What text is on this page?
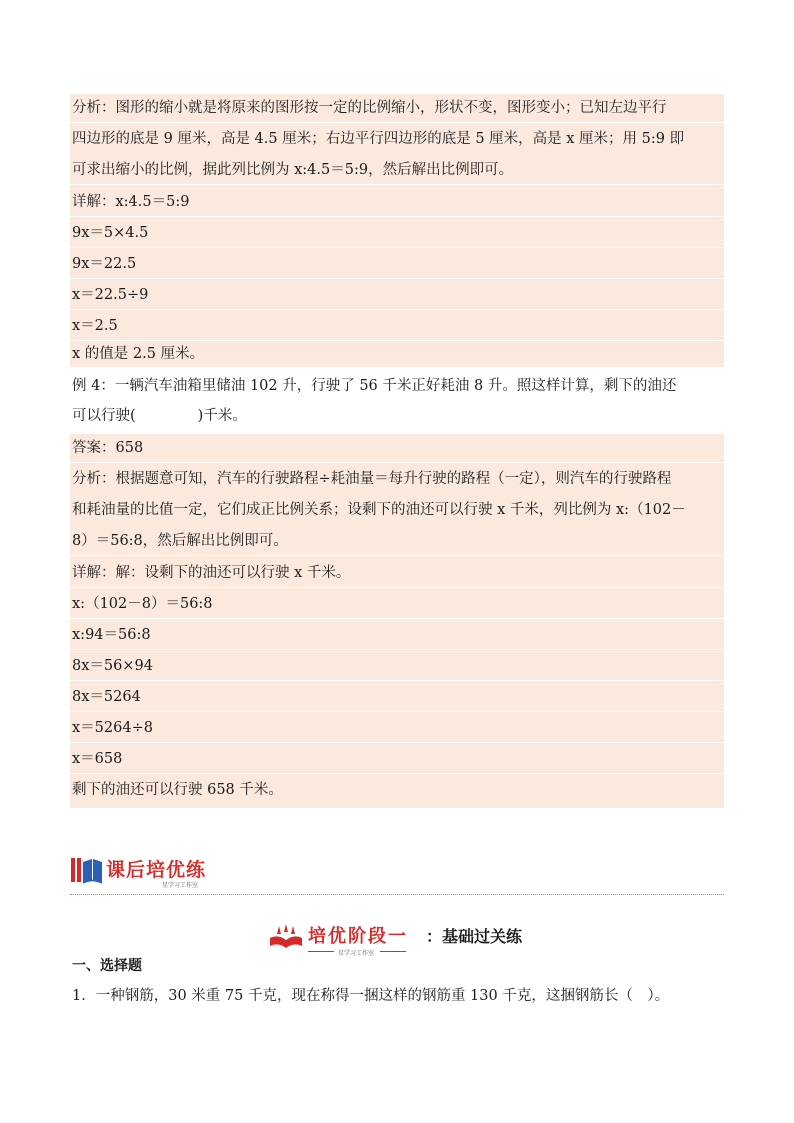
分析：图形的缩小就是将原来的图形按一定的比例缩小，形状不变，图形变小；已知左边平行
四边形的底是 9 厘米，高是 4.5 厘米；右边平行四边形的底是 5 厘米，高是 x 厘米；用 5:9 即
可求出缩小的比例，据此列比例为 x:4.5＝5:9，然后解出比例即可。
详解：x:4.5＝5:9
9x＝5×4.5
9x＝22.5
x＝22.5÷9
x＝2.5
x 的值是 2.5 厘米。
例 4：一辆汽车油箱里储油 102 升，行驶了 56 千米正好耗油 8 升。照这样计算，剩下的油还
可以行驶(	)千米。
答案：658
分析：根据题意可知，汽车的行驶路程÷耗油量＝每升行驶的路程（一定），则汽车的行驶路程
和耗油量的比值一定，它们成正比例关系；设剩下的油还可以行驶 x 千米，列比例为 x:（102－
8）＝56:8，然后解出比例即可。
详解：解：设剩下的油还可以行驶 x 千米。
x:（102－8）＝56:8
x:94＝56:8
8x＝56×94
8x＝5264
x＝5264÷8
x＝658
剩下的油还可以行驶 658 千米。
课后培优练
星学习工作室
培优阶段一 ：基础过关练
星学习工作室
一、选择题
1．一种钢筋，30 米重 75 千克，现在称得一捆这样的钢筋重 130 千克，这捆钢筋长（　）。
